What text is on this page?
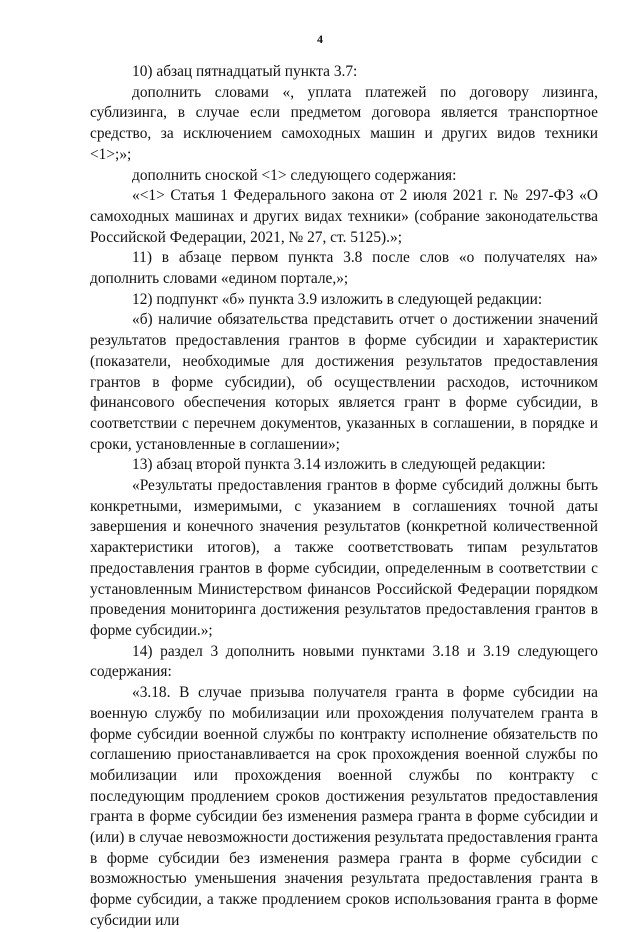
4

10) абзац пятнадцатый пункта 3.7:

дополнить словами «, уплата платежей по договору лизинга, сублизинга, в случае если предметом договора является транспортное средство, за исключением самоходных машин и других видов техники <1>;»;

дополнить сноской <1> следующего содержания:

«<1> Статья 1 Федерального закона от 2 июля 2021 г. № 297-ФЗ «О самоходных машинах и других видах техники» (собрание законодательства Российской Федерации, 2021, № 27, ст. 5125).»;

11) в абзаце первом пункта 3.8 после слов «о получателях на» дополнить словами «едином портале,»;

12) подпункт «б» пункта 3.9 изложить в следующей редакции:

«б) наличие обязательства представить отчет о достижении значений результатов предоставления грантов в форме субсидии и характеристик (показатели, необходимые для достижения результатов предоставления грантов в форме субсидии), об осуществлении расходов, источником финансового обеспечения которых является грант в форме субсидии, в соответствии с перечнем документов, указанных в соглашении, в порядке и сроки, установленные в соглашении»;

13) абзац второй пункта 3.14 изложить в следующей редакции:

«Результаты предоставления грантов в форме субсидий должны быть конкретными, измеримыми, с указанием в соглашениях точной даты завершения и конечного значения результатов (конкретной количественной характеристики итогов), а также соответствовать типам результатов предоставления грантов в форме субсидии, определенным в соответствии с установленным Министерством финансов Российской Федерации порядком проведения мониторинга достижения результатов предоставления грантов в форме субсидии.»;

14) раздел 3 дополнить новыми пунктами 3.18 и 3.19 следующего содержания:

«3.18. В случае призыва получателя гранта в форме субсидии на военную службу по мобилизации или прохождения получателем гранта в форме субсидии военной службы по контракту исполнение обязательств по соглашению приостанавливается на срок прохождения военной службы по мобилизации или прохождения военной службы по контракту с последующим продлением сроков достижения результатов предоставления гранта в форме субсидии без изменения размера гранта в форме субсидии и (или) в случае невозможности достижения результата предоставления гранта в форме субсидии без изменения размера гранта в форме субсидии с возможностью уменьшения значения результата предоставления гранта в форме субсидии, а также продлением сроков использования гранта в форме субсидии или
